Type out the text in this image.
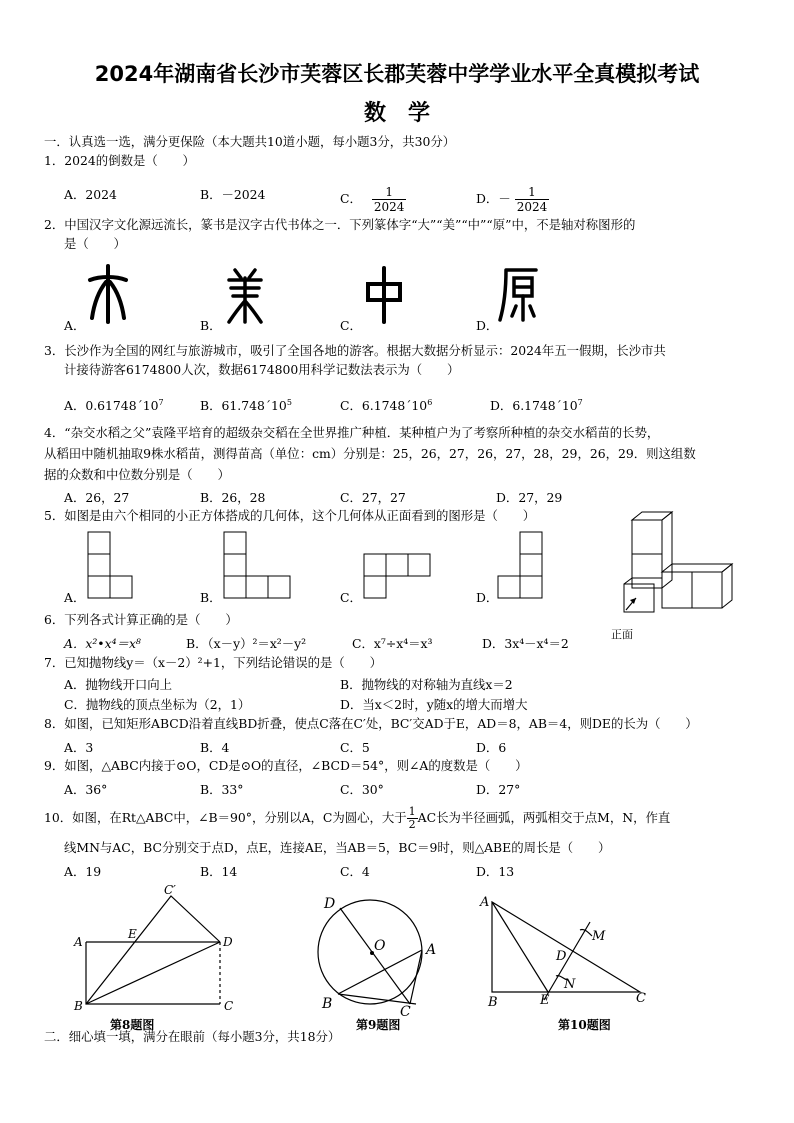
2024年湖南省长沙市芙蓉区长郡芙蓉中学学业水平全真模拟考试
数　学
一．认真选一选，满分更保险（本大题共10道小题，每小题3分，共30分）
1．2024的倒数是（　　）
A．2024	B．－2024	C． $\frac{1}{2024}$	D．－ $\frac{1}{2024}$
2．中国汉字文化源远流长，篆书是汉字古代书体之一．下列篆体字“大”“美”“中”“原”中，不是轴对称图形的
是（　　）
A．	B．	C．	D．
3．长沙作为全国的网红与旅游城市，吸引了全国各地的游客。根据大数据分析显示：2024年五一假期，长沙市共
计接待游客6174800人次，数据6174800用科学记数法表示为（　　）
A．$0.61748´10^7$	B．$61.748´10^5$	C．$6.1748´10^6$	D．$6.1748´10^7$
4．“杂交水稻之父”袁隆平培育的超级杂交稻在全世界推广种植．某种植户为了考察所种植的杂交水稻苗的长势，
从稻田中随机抽取9株水稻苗，测得苗高（单位：cm）分别是：25，26，27，26，27，28，29，26，29．则这组数
据的众数和中位数分别是（　　）
A．26，27	B．26，28	C．27，27	D．27，29
5．如图是由六个相同的小正方体搭成的几何体，这个几何体从正面看到的图形是（　　）
A．	B．	C．	D．
正面
6．下列各式计算正确的是（　　）
A．x²•x⁴＝x⁸	B．（x－y）²＝x²－y²	C．x⁷÷x⁴＝x³	D．3x⁴－x⁴＝2
7．已知抛物线y＝（x－2）²+1，下列结论错误的是（　　）
A．抛物线开口向上	B．抛物线的对称轴为直线x＝2
C．抛物线的顶点坐标为（2，1）	D．当x＜2时，y随x的增大而增大
8．如图，已知矩形ABCD沿着直线BD折叠，使点C落在C′处，BC′交AD于E，AD＝8，AB＝4，则DE的长为（　　）
A．3	B．4	C．5	D．6
9．如图，△ABC内接于⊙O，CD是⊙O的直径，∠BCD＝54°，则∠A的度数是（　　）
A．36°	B．33°	C．30°	D．27°
10．如图，在Rt△ABC中，∠B＝90°，分别以A，C为圆心，大于 $\frac{1}{2}$ AC长为半径画弧，两弧相交于点M，N，作直
线MN与AC，BC分别交于点D，点E，连接AE，当AB＝5，BC＝9时，则△ABE的周长是（　　）
A．19	B．14	C．4	D．13
A
B	C
D
E
C′
第8题图
D
O	A
B	C
第9题图
A
B	C
D
E
M
N
第10题图
二．细心填一填，满分在眼前（每小题3分，共18分）
